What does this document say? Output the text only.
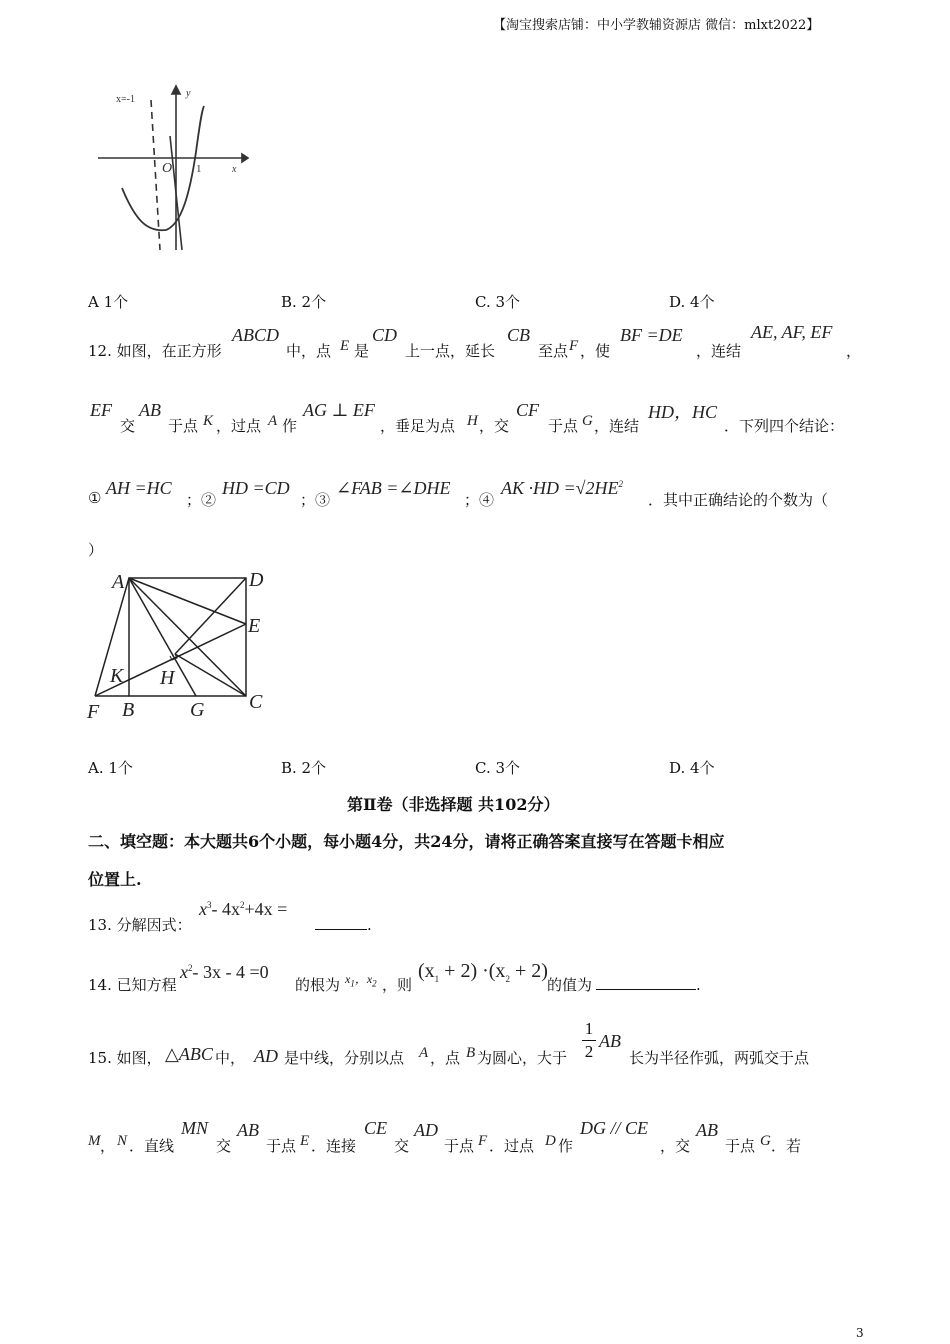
【淘宝搜索店铺：中小学教辅资源店 微信：mlxt2022】
x=-1
y
x
O 1
A 1个	B. 2个	C. 3个	D. 4个
12. 如图，在正方形
ABCD
中，点 E 是
CD
上一点，延长
CB
至点 F ，使
BF =DE
，连结
AE, AF, EF
，
EF
交
AB
于点 K ，过点 A 作
AG ⊥ EF
，垂足为点 H ，交
CF
于点 G ，连结
HD，HC
．下列四个结论：
① AH =HC
；②
HD =CD
；③
∠FAB =∠DHE
；④
AK $\cdot HD =√2HE^2$
．其中正确结论的个数为（
）
A	D
E
K H
C
F B	G
A. 1个	B. 2个	C. 3个	D. 4个
第Ⅱ卷（非选择题 共102分）
二、填空题：本大题共6个小题，每小题4分，共24分，请将正确答案直接写在答题卡相应
位置上.
13. 分解因式：
$x^3-$ $4x^2+4x$ =
.
14. 已知方程
$x^2-$ 3x - 4 =0
的根为 $x_1$，$x_2$ ，则
$(x_1 + 2) \cdot(x_2 + 2)$
的值为	.
15. 如图， △ABC 中， AD 是中线，分别以点 A ，点 B 为圆心，大于
1
2
AB
长为半径作弧，两弧交于点
M ， N ．直线
MN
交
AB
于点 E ．连接
CE
交
AD
于点 F ．过点 D 作
DG // CE
，交
AB
于点 G ．若
3
